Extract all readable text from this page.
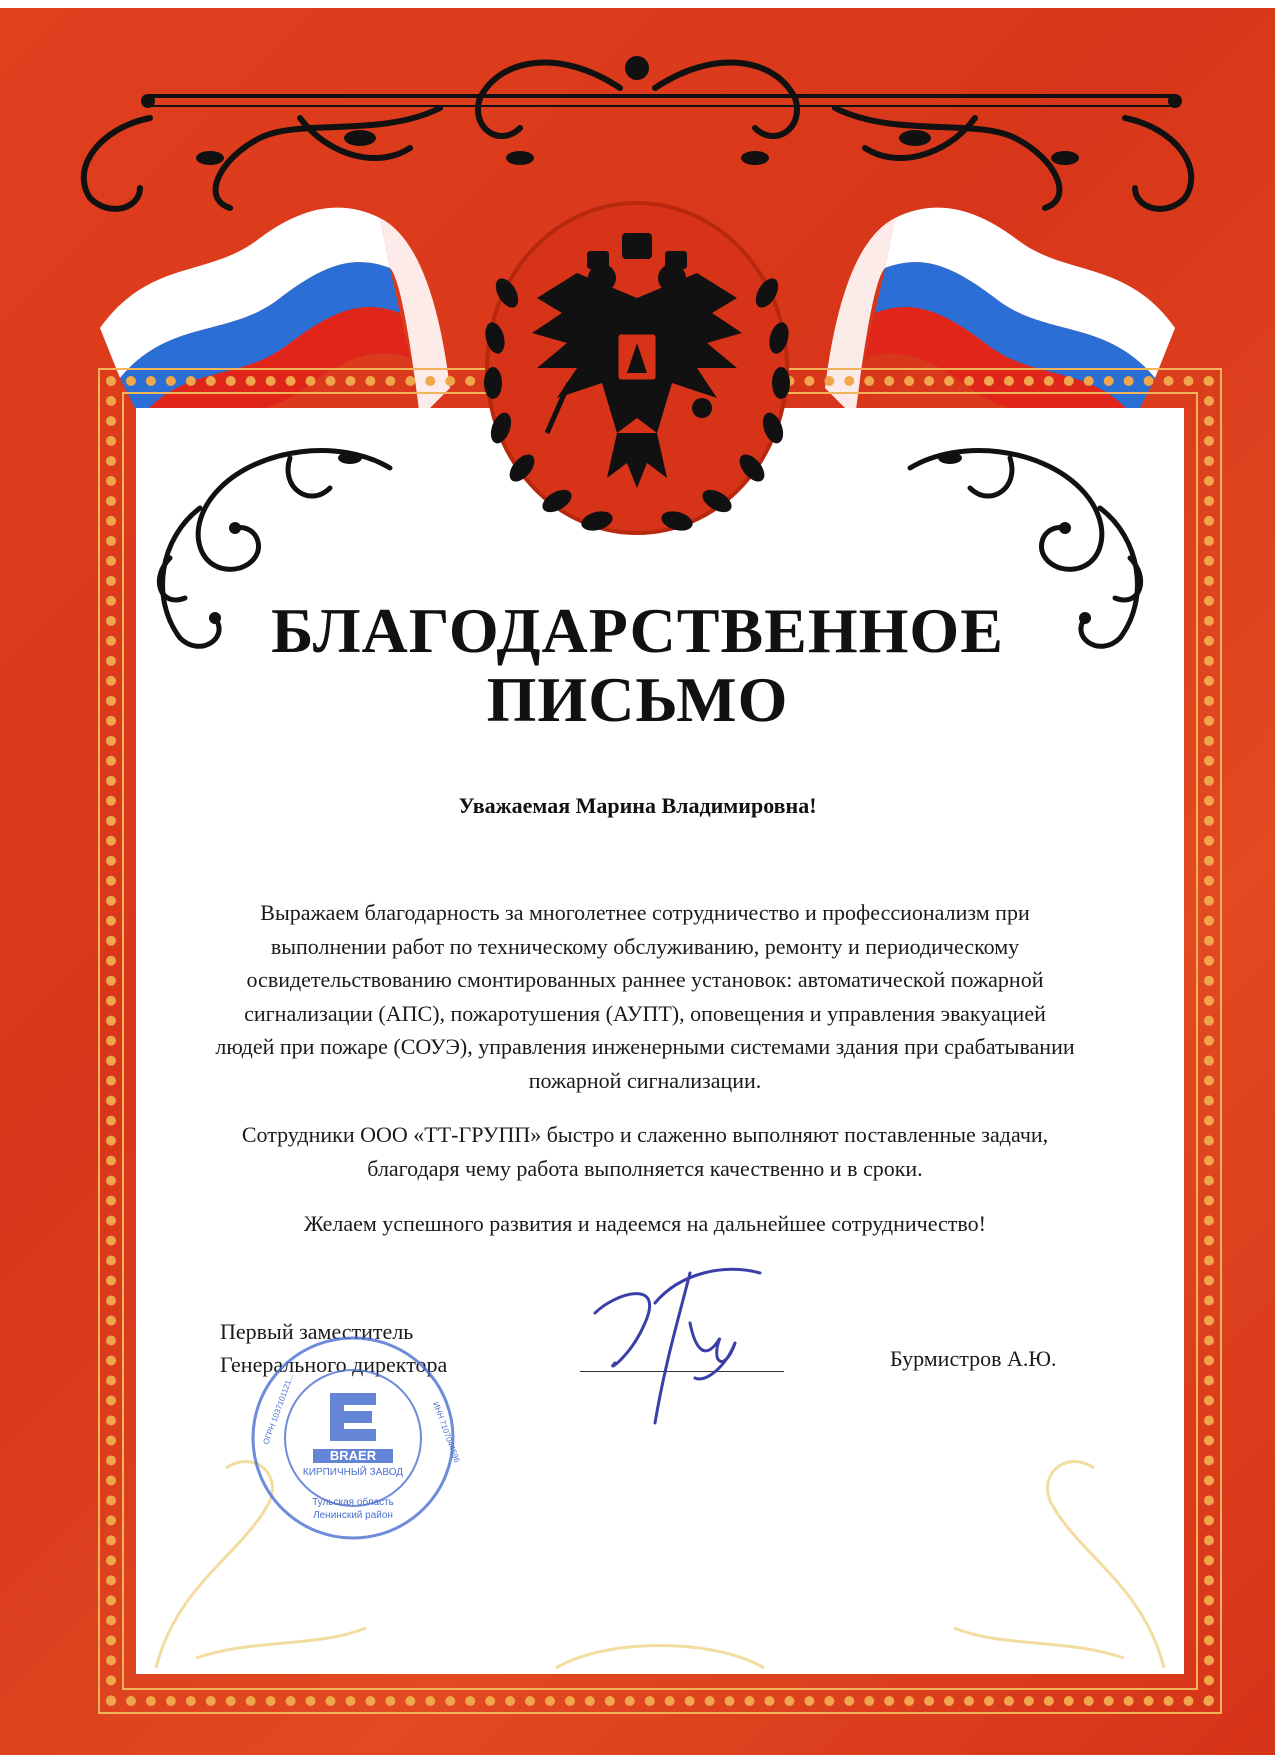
БЛАГОДАРСТВЕННОЕ
ПИСЬМО
Уважаемая Марина Владимировна!

Выражаем благодарность за многолетнее сотрудничество и профессионализм при выполнении работ по техническому обслуживанию, ремонту и периодическому освидетельствованию смонтированных раннее установок: автоматической пожарной сигнализации (АПС), пожаротушения (АУПТ), оповещения и управления эвакуацией людей при пожаре (СОУЭ), управления инженерными системами здания при срабатывании пожарной сигнализации.

Сотрудники ООО «ТТ-ГРУПП» быстро и слаженно выполняют поставленные задачи, благодаря чему работа выполняется качественно и в сроки.

Желаем успешного развития и надеемся на дальнейшее сотрудничество!

Первый заместитель
Генерального директора	Бурмистров А.Ю.
КИРПИЧНЫЙ ЗАВОД
BRAER
Тульская область
Ленинский район
ОГРН 1037101121...	ИНН 7107044596
